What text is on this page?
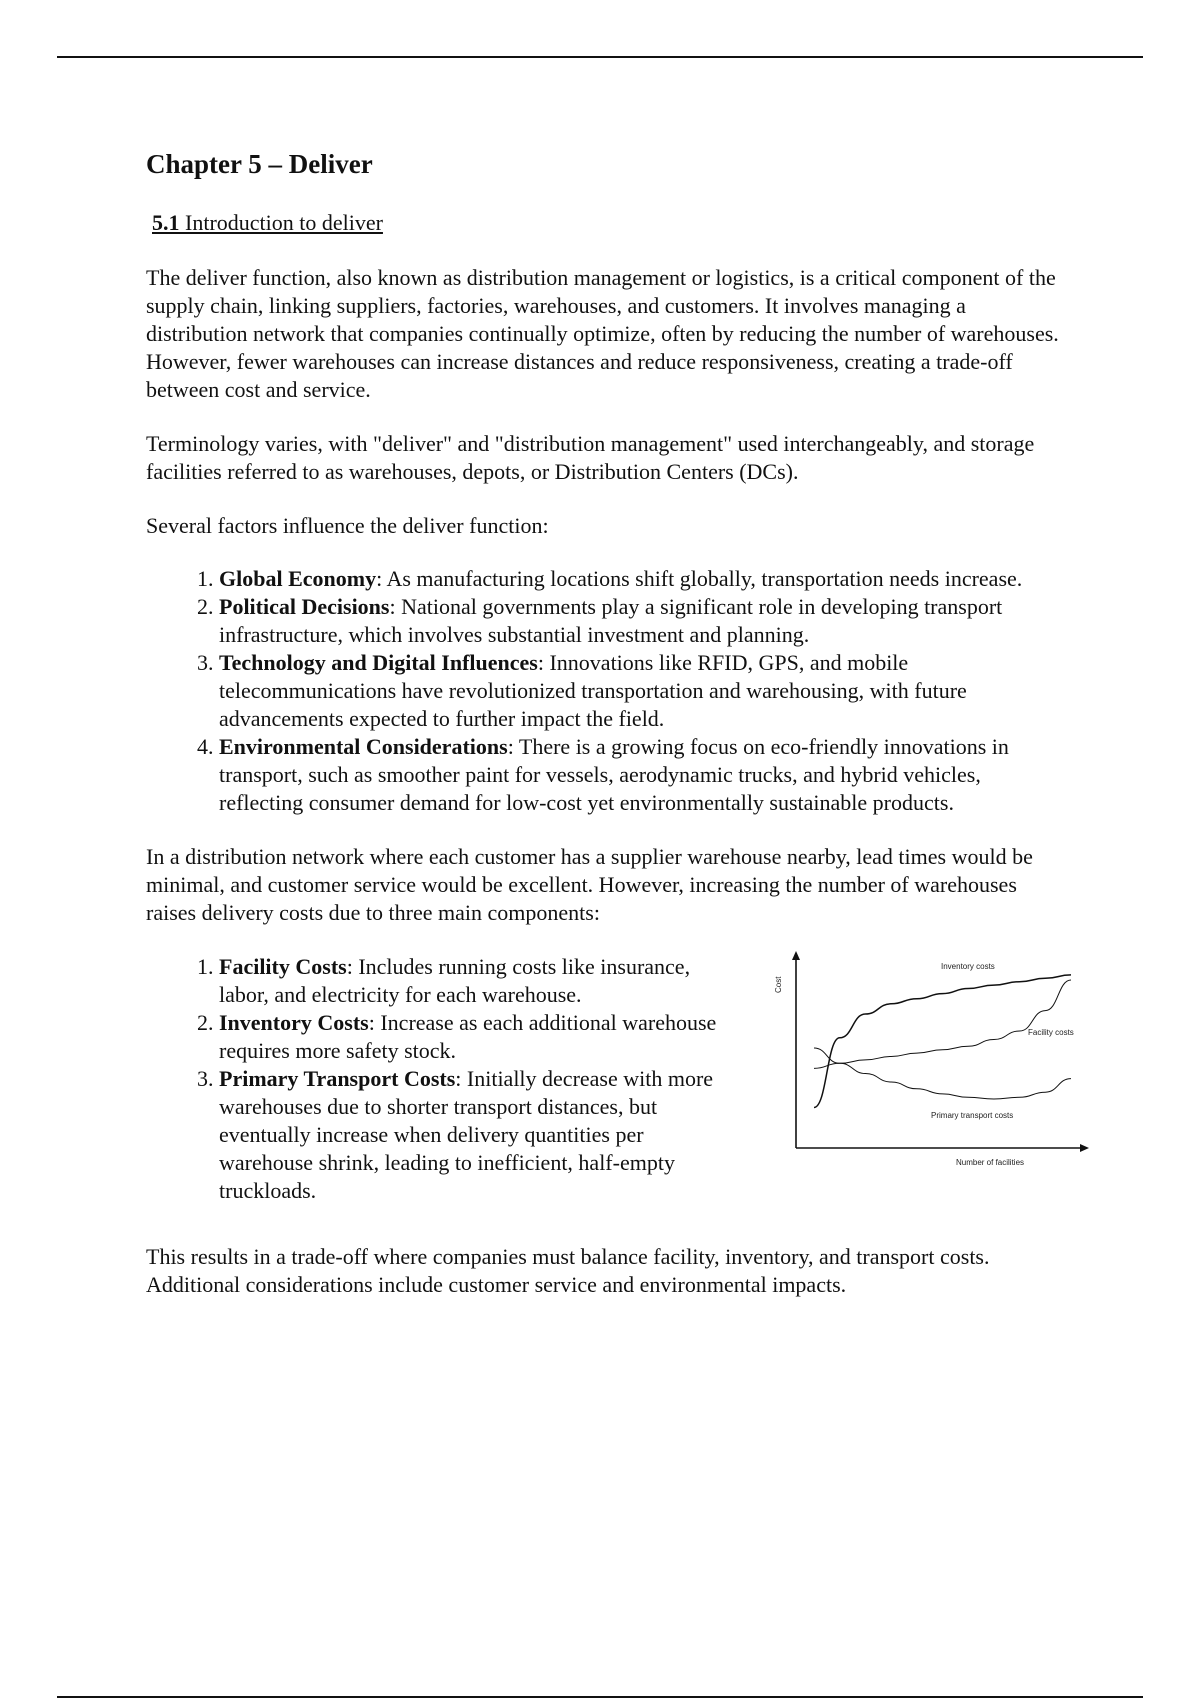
Chapter 5 – Deliver
5.1 Introduction to deliver

The deliver function, also known as distribution management or logistics, is a critical component of the supply chain, linking suppliers, factories, warehouses, and customers. It involves managing a distribution network that companies continually optimize, often by reducing the number of warehouses. However, fewer warehouses can increase distances and reduce responsiveness, creating a trade-off between cost and service.

Terminology varies, with "deliver" and "distribution management" used interchangeably, and storage facilities referred to as warehouses, depots, or Distribution Centers (DCs).

Several factors influence the deliver function:

1. Global Economy: As manufacturing locations shift globally, transportation needs increase.
2. Political Decisions: National governments play a significant role in developing transport infrastructure, which involves substantial investment and planning.
3. Technology and Digital Influences: Innovations like RFID, GPS, and mobile telecommunications have revolutionized transportation and warehousing, with future advancements expected to further impact the field.
4. Environmental Considerations: There is a growing focus on eco-friendly innovations in transport, such as smoother paint for vessels, aerodynamic trucks, and hybrid vehicles, reflecting consumer demand for low-cost yet environmentally sustainable products.

In a distribution network where each customer has a supplier warehouse nearby, lead times would be minimal, and customer service would be excellent. However, increasing the number of warehouses raises delivery costs due to three main components:

1. Facility Costs: Includes running costs like insurance, labor, and electricity for each warehouse.
2. Inventory Costs: Increase as each additional warehouse requires more safety stock.
3. Primary Transport Costs: Initially decrease with more warehouses due to shorter transport distances, but eventually increase when delivery quantities per warehouse shrink, leading to inefficient, half-empty truckloads.
Cost
Number of facilities
Inventory costs
Facility costs
Primary transport costs

This results in a trade-off where companies must balance facility, inventory, and transport costs. Additional considerations include customer service and environmental impacts.
